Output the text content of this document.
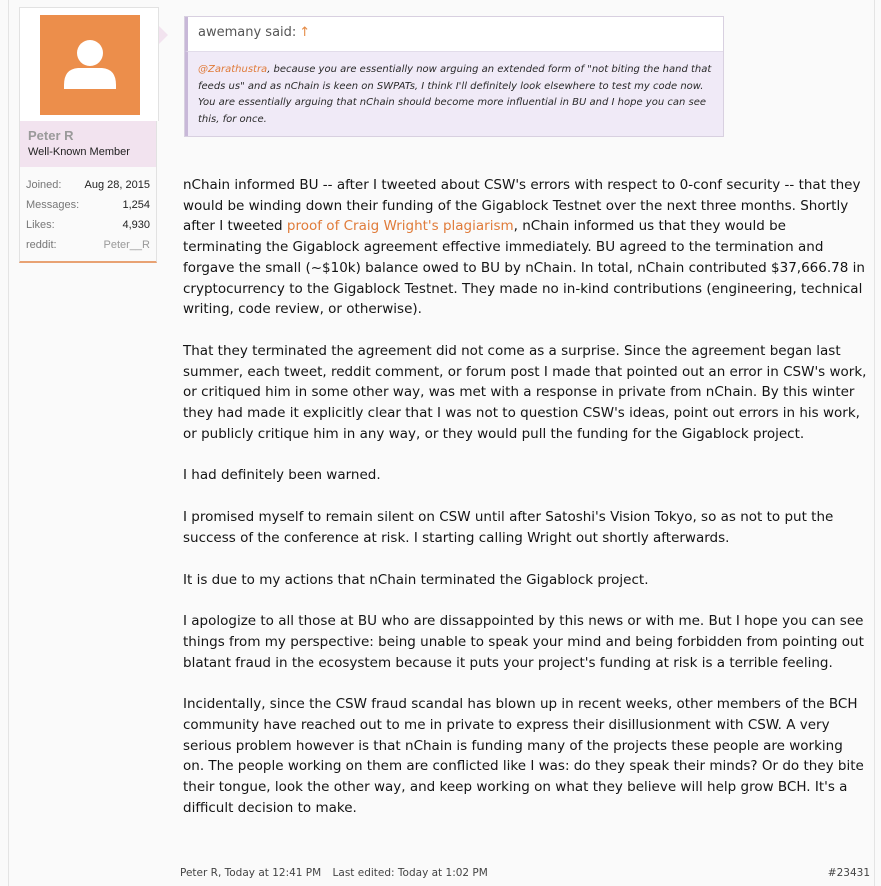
Peter R
Well-Known Member
Joined: Aug 28, 2015
Messages:	1,254
Likes:	4,930
reddit:	Peter__R
awemany said: ↑
@Zarathustra, because you are essentially now arguing an extended form of "not biting the hand that feeds us" and as nChain is keen on SWPATs, I think I'll definitely look elsewhere to test my code now. You are essentially arguing that nChain should become more influential in BU and I hope you can see this, for once.

nChain informed BU -- after I tweeted about CSW's errors with respect to 0-conf security -- that they would be winding down their funding of the Gigablock Testnet over the next three months. Shortly after I tweeted proof of Craig Wright's plagiarism, nChain informed us that they would be terminating the Gigablock agreement effective immediately. BU agreed to the termination and forgave the small (~$10k) balance owed to BU by nChain. In total, nChain contributed $37,666.78 in cryptocurrency to the Gigablock Testnet. They made no in-kind contributions (engineering, technical writing, code review, or otherwise).

That they terminated the agreement did not come as a surprise. Since the agreement began last summer, each tweet, reddit comment, or forum post I made that pointed out an error in CSW's work, or critiqued him in some other way, was met with a response in private from nChain. By this winter they had made it explicitly clear that I was not to question CSW's ideas, point out errors in his work, or publicly critique him in any way, or they would pull the funding for the Gigablock project.

I had definitely been warned.

I promised myself to remain silent on CSW until after Satoshi's Vision Tokyo, so as not to put the success of the conference at risk. I starting calling Wright out shortly afterwards.

It is due to my actions that nChain terminated the Gigablock project.

I apologize to all those at BU who are dissappointed by this news or with me. But I hope you can see things from my perspective: being unable to speak your mind and being forbidden from pointing out blatant fraud in the ecosystem because it puts your project's funding at risk is a terrible feeling.

Incidentally, since the CSW fraud scandal has blown up in recent weeks, other members of the BCH community have reached out to me in private to express their disillusionment with CSW. A very serious problem however is that nChain is funding many of the projects these people are working on. The people working on them are conflicted like I was: do they speak their minds? Or do they bite their tongue, look the other way, and keep working on what they believe will help grow BCH. It's a difficult decision to make.

Peter R, Today at 12:41 PM Last edited: Today at 1:02 PM	#23431
